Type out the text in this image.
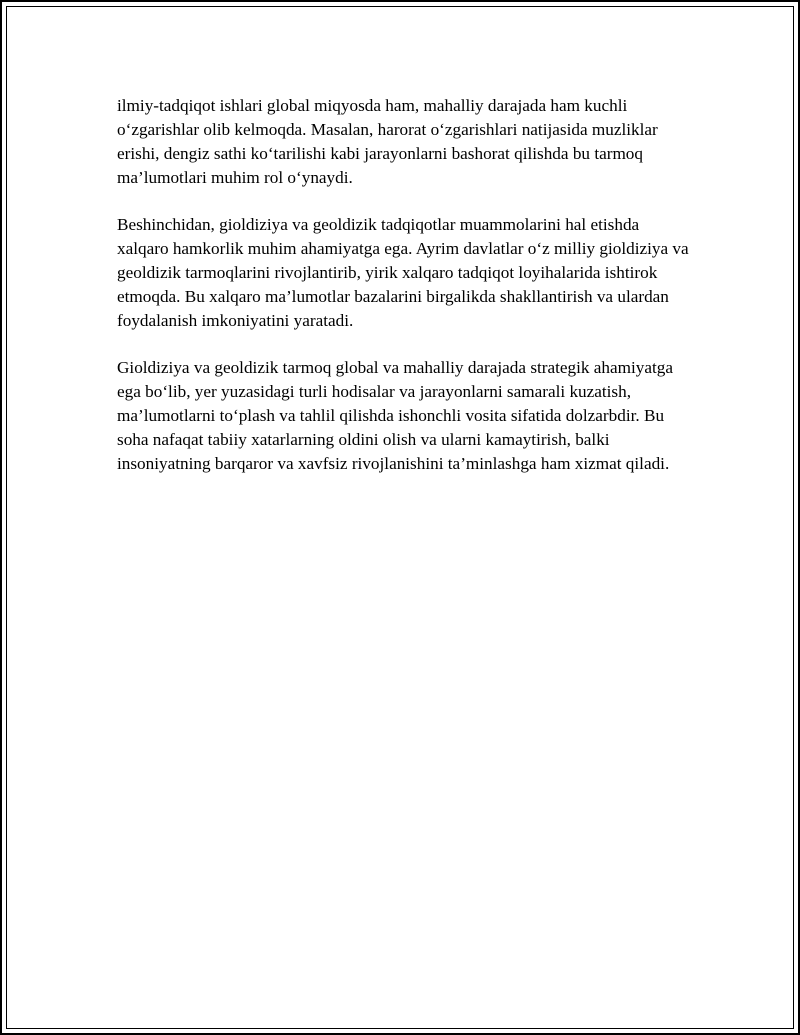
ilmiy-tadqiqot ishlari global miqyosda ham, mahalliy darajada ham kuchli o‘zgarishlar olib kelmoqda. Masalan, harorat o‘zgarishlari natijasida muzliklar erishi, dengiz sathi ko‘tarilishi kabi jarayonlarni bashorat qilishda bu tarmoq ma’lumotlari muhim rol o‘ynaydi.

Beshinchidan, gioldiziya va geoldizik tadqiqotlar muammolarini hal etishda xalqaro hamkorlik muhim ahamiyatga ega. Ayrim davlatlar o‘z milliy gioldiziya va geoldizik tarmoqlarini rivojlantirib, yirik xalqaro tadqiqot loyihalarida ishtirok etmoqda. Bu xalqaro ma’lumotlar bazalarini birgalikda shakllantirish va ulardan foydalanish imkoniyatini yaratadi.

Gioldiziya va geoldizik tarmoq global va mahalliy darajada strategik ahamiyatga ega bo‘lib, yer yuzasidagi turli hodisalar va jarayonlarni samarali kuzatish, ma’lumotlarni to‘plash va tahlil qilishda ishonchli vosita sifatida dolzarbdir. Bu soha nafaqat tabiiy xatarlarning oldini olish va ularni kamaytirish, balki insoniyatning barqaror va xavfsiz rivojlanishini ta’minlashga ham xizmat qiladi.
